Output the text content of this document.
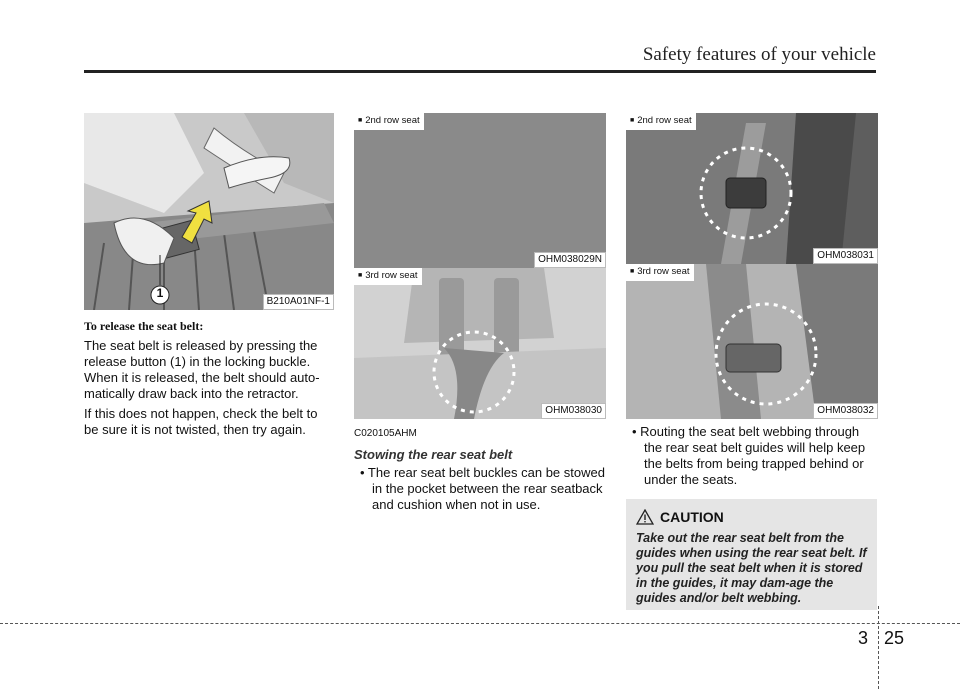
Safety features of your vehicle
1
B210A01NF-1
■ 2nd row seat
OHM038029N
■ 3rd row seat
OHM038030
■ 2nd row seat
OHM038031
■ 3rd row seat
OHM038032
To release the seat belt:

The seat belt is released by pressing the release button (1) in the locking buckle. When it is released, the belt should auto-matically draw back into the retractor.

If this does not happen, check the belt to be sure it is not twisted, then try again.	C020105AHM
Stowing the rear seat belt

• The rear seat belt buckles can be stowed in the pocket between the rear seatback and cushion when not in use.

• Routing the seat belt webbing through the rear seat belt guides will help keep the belts from being trapped behind or under the seats.

CAUTION
Take out the rear seat belt from the guides when using the rear seat belt. If you pull the seat belt when it is stored in the guides, it may dam-age the guides and/or belt webbing.
3 25
